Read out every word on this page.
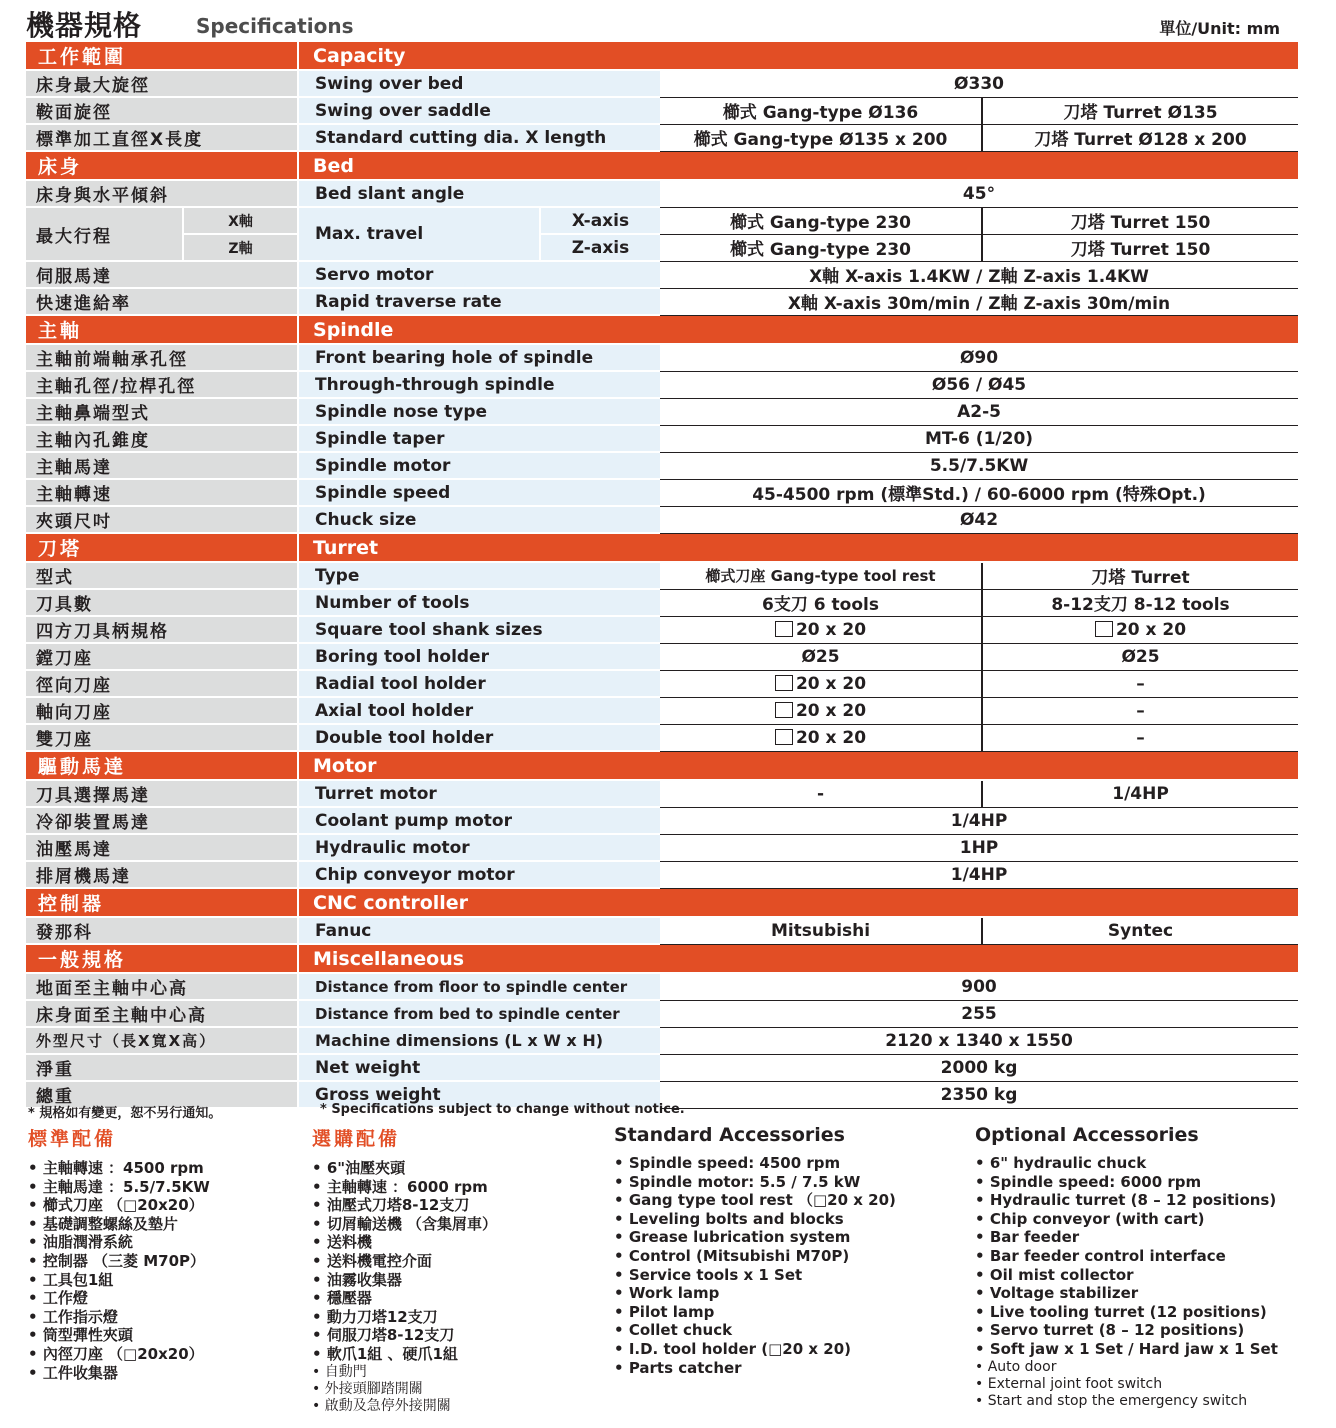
機器規格	Specifications	單位/Unit: mm
工作範圍		Capacity			
床身最大旋徑		Swing over bed		Ø330	
鞍面旋徑		Swing over saddle		櫛式 Gang-type Ø136	刀塔 Turret Ø135
標準加工直徑X長度		Standard cutting dia. X length		櫛式 Gang-type Ø135 x 200	刀塔 Turret Ø128 x 200
床身		Bed			
床身與水平傾斜		Bed slant angle		45°	
最大行程	X軸	Max. travel	X-axis	櫛式 Gang-type 230	刀塔 Turret 150
	Z軸		Z-axis	櫛式 Gang-type 230	刀塔 Turret 150
伺服馬達		Servo motor		X軸 X-axis 1.4KW / Z軸 Z-axis 1.4KW	
快速進給率		Rapid traverse rate		X軸 X-axis 30m/min / Z軸 Z-axis 30m/min	
主軸		Spindle			
主軸前端軸承孔徑		Front bearing hole of spindle		Ø90	
主軸孔徑/拉桿孔徑		Through-through spindle		Ø56 / Ø45	
主軸鼻端型式		Spindle nose type		A2-5	
主軸內孔錐度		Spindle taper		MT-6 (1/20)	
主軸馬達		Spindle motor		5.5/7.5KW	
主軸轉速		Spindle speed		45-4500 rpm (標準Std.) / 60-6000 rpm (特殊Opt.)	
夾頭尺吋		Chuck size		Ø42	
刀塔		Turret			
型式		Type		櫛式刀座 Gang-type tool rest	刀塔 Turret
刀具數		Number of tools		6支刀 6 tools	8-12支刀 8-12 tools
四方刀具柄規格		Square tool shank sizes		20 x 20	20 x 20
鏜刀座		Boring tool holder		Ø25	Ø25
徑向刀座		Radial tool holder		20 x 20	–
軸向刀座		Axial tool holder		20 x 20	–
雙刀座		Double tool holder		20 x 20	–
驅動馬達		Motor			
刀具選擇馬達		Turret motor		-	1/4HP
冷卻裝置馬達		Coolant pump motor		1/4HP	
油壓馬達		Hydraulic motor		1HP	
排屑機馬達		Chip conveyor motor		1/4HP	
控制器		CNC controller			
發那科		Fanuc		Mitsubishi	Syntec
一般規格		Miscellaneous			
地面至主軸中心高		Distance from floor to spindle center		900	
床身面至主軸中心高		Distance from bed to spindle center		255	
外型尺寸（長X寬X高）		Machine dimensions (L x W x H)		2120 x 1340 x 1550	
淨重		Net weight		2000 kg	
總重		Gross weight		2350 kg	
* 規格如有變更，恕不另行通知。	* Specifications subject to change without notice.
標準配備
• 主軸轉速 ：4500 rpm
• 主軸馬達 ：5.5/7.5KW
• 櫛式刀座 （□20x20）
• 基礎調整螺絲及墊片
• 油脂潤滑系統
• 控制器 （三菱 M70P）
• 工具包1組
• 工作燈
• 工作指示燈
• 筒型彈性夾頭
• 內徑刀座 （□20x20）
• 工件收集器
選購配備
• 6"油壓夾頭
• 主軸轉速 ：6000 rpm
• 油壓式刀塔8-12支刀
• 切屑輸送機 （含集屑車）
• 送料機
• 送料機電控介面
• 油霧收集器
• 穩壓器
• 動力刀塔12支刀
• 伺服刀塔8-12支刀
• 軟爪1組 、硬爪1組
• 自動門
• 外接頭腳踏開關
• 啟動及急停外接開關
Standard Accessories
• Spindle speed: 4500 rpm
• Spindle motor: 5.5 / 7.5 kW
• Gang type tool rest （□20 x 20)
• Leveling bolts and blocks
• Grease lubrication system
• Control (Mitsubishi M70P)
• Service tools x 1 Set
• Work lamp
• Pilot lamp
• Collet chuck
• I.D. tool holder (□20 x 20)
• Parts catcher
Optional Accessories
• 6" hydraulic chuck
• Spindle speed: 6000 rpm
• Hydraulic turret (8 – 12 positions)
• Chip conveyor (with cart)
• Bar feeder
• Bar feeder control interface
• Oil mist collector
• Voltage stabilizer
• Live tooling turret (12 positions)
• Servo turret (8 – 12 positions)
• Soft jaw x 1 Set / Hard jaw x 1 Set
• Auto door
• External joint foot switch
• Start and stop the emergency switch
